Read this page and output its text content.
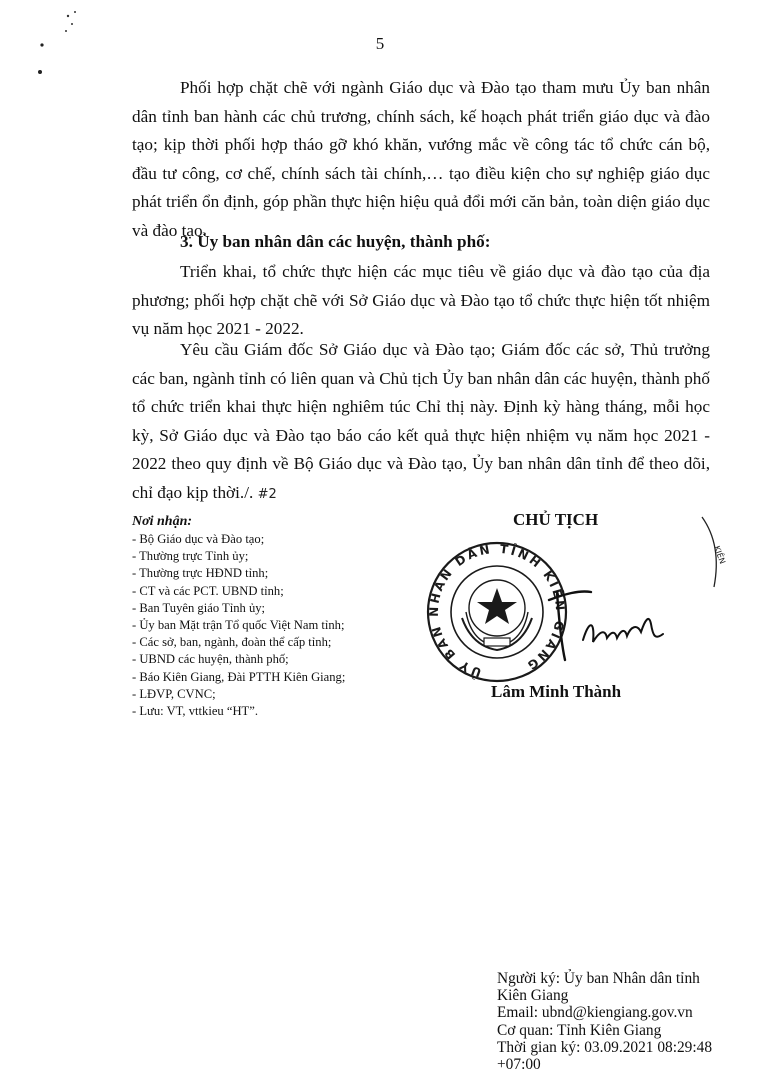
5
Phối hợp chặt chẽ với ngành Giáo dục và Đào tạo tham mưu Ủy ban nhân dân tỉnh ban hành các chủ trương, chính sách, kế hoạch phát triển giáo dục và đào tạo; kịp thời phối hợp tháo gỡ khó khăn, vướng mắc về công tác tổ chức cán bộ, đầu tư công, cơ chế, chính sách tài chính,… tạo điều kiện cho sự nghiệp giáo dục phát triển ổn định, góp phần thực hiện hiệu quả đổi mới căn bản, toàn diện giáo dục và đào tạo.
3. Ủy ban nhân dân các huyện, thành phố:
Triển khai, tổ chức thực hiện các mục tiêu về giáo dục và đào tạo của địa phương; phối hợp chặt chẽ với Sở Giáo dục và Đào tạo tổ chức thực hiện tốt nhiệm vụ năm học 2021 - 2022.
Yêu cầu Giám đốc Sở Giáo dục và Đào tạo; Giám đốc các sở, Thủ trưởng các ban, ngành tỉnh có liên quan và Chủ tịch Ủy ban nhân dân các huyện, thành phố tổ chức triển khai thực hiện nghiêm túc Chỉ thị này. Định kỳ hàng tháng, mỗi học kỳ, Sở Giáo dục và Đào tạo báo cáo kết quả thực hiện nhiệm vụ năm học 2021 - 2022 theo quy định về Bộ Giáo dục và Đào tạo, Ủy ban nhân dân tỉnh để theo dõi, chỉ đạo kịp thời./. #2
Nơi nhận:
- Bộ Giáo dục và Đào tạo;
- Thường trực Tỉnh ủy;
- Thường trực HĐND tỉnh;
- CT và các PCT. UBND tỉnh;
- Ban Tuyên giáo Tỉnh ủy;
- Ủy ban Mặt trận Tổ quốc Việt Nam tỉnh;
- Các sở, ban, ngành, đoàn thể cấp tỉnh;
- UBND các huyện, thành phố;
- Báo Kiên Giang, Đài PTTH Kiên Giang;
- LĐVP, CVNC;
- Lưu: VT, vttkieu “HT”.
CHỦ TỊCH
ỦY BAN NHÂN DÂN TỈNH KIÊN GIANG
KIÊN
Lâm Minh Thành
Người ký: Ủy ban Nhân dân tỉnh
Kiên Giang
Email: ubnd@kiengiang.gov.vn
Cơ quan: Tỉnh Kiên Giang
Thời gian ký: 03.09.2021 08:29:48
+07:00
